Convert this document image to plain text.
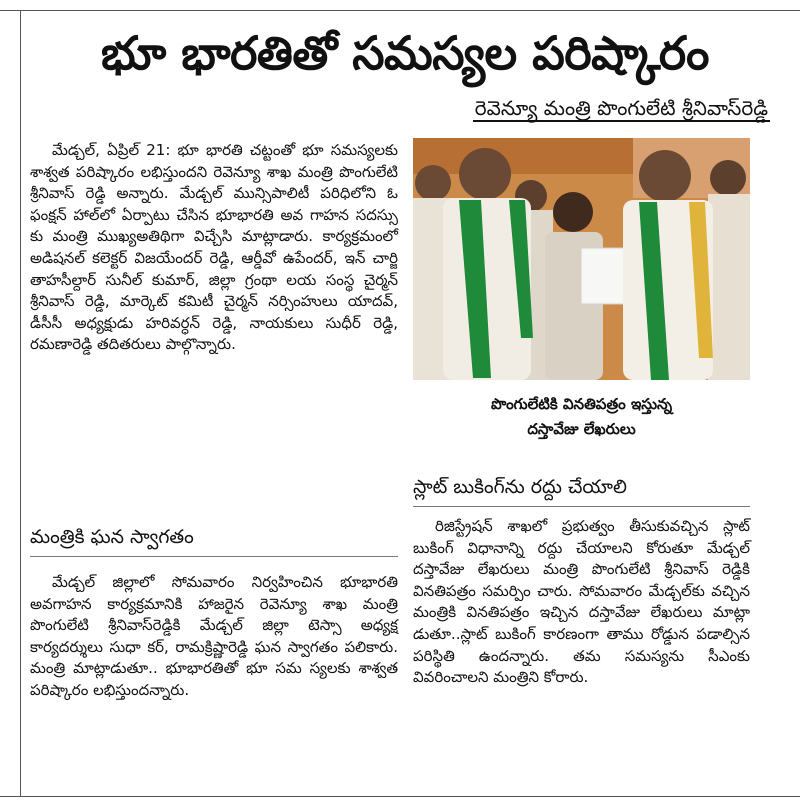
భూ భారతితో సమస్యల పరిష్కారం
రెవెన్యూ మంత్రి పొంగులేటి శ్రీనివాస్‌రెడ్డి

మేడ్చల్, ఏప్రిల్ 21: భూ భారతి చట్టంతో భూ సమస్యలకు శాశ్వత పరిష్కారం లభిస్తుందని రెవెన్యూ శాఖ మంత్రి పొంగులేటి శ్రీనివాస్ రెడ్డి అన్నారు. మేడ్చల్ మున్సిపాలిటీ పరిధిలోని ఓ ఫంక్షన్ హాల్‌లో ఏర్పాటు చేసిన భూభారతి అవ గాహన సదస్సు కు మంత్రి ముఖ్యఅతిథిగా విచ్చేసి మాట్లాడారు. కార్యక్రమంలో అడిషనల్ కలెక్టర్ విజయేందర్ రెడ్డి, ఆర్డీవో ఉపేందర్, ఇన్ చార్జి తాహసీల్దార్ సునీల్ కుమార్, జిల్లా గ్రంథా లయ సంస్థ చైర్మన్ శ్రీనివాస్ రెడ్డి, మార్కెట్ కమిటీ చైర్మన్ నర్సింహులు యాదవ్, డీసీసీ అధ్యక్షుడు హరివర్ధన్ రెడ్డి, నాయకులు సుధీర్ రెడ్డి, రమణారెడ్డి తదితరులు పాల్గొన్నారు.

మంత్రికి ఘన స్వాగతం

మేడ్చల్ జిల్లాలో సోమవారం నిర్వహించిన భూభారతి అవగాహన కార్యక్రమానికి హాజరైన రెవెన్యూ శాఖ మంత్రి పొంగులేటి శ్రీనివాస్‌రెడ్డికి మేడ్చల్ జిల్లా టెస్సా అధ్యక్ష కార్యదర్శులు సుధా కర్, రామక్రిష్ణారెడ్డి ఘన స్వాగతం పలికారు. మంత్రి మాట్లాడుతూ.. భూభారతితో భూ సమ స్యలకు శాశ్వత పరిష్కారం లభిస్తుందన్నారు.

పొంగులేటికి వినతిపత్రం ఇస్తున్న
దస్తావేజు లేఖరులు
స్లాట్ బుకింగ్‌ను రద్దు చేయాలి

రిజిస్ట్రేషన్ శాఖలో ప్రభుత్వం తీసుకువచ్చిన స్లాట్ బుకింగ్ విధానాన్ని రద్దు చేయాలని కోరుతూ మేడ్చల్ దస్తావేజు లేఖరులు మంత్రి పొంగులేటి శ్రీనివాస్ రెడ్డికి వినతిపత్రం సమర్పిం చారు. సోమవారం మేడ్చల్‌కు వచ్చిన మంత్రికి వినతిపత్రం ఇచ్చిన దస్తావేజు లేఖరులు మాట్లా డుతూ..స్లాట్ బుకింగ్ కారణంగా తాము రోడ్డున పడాల్సిన పరిస్థితి ఉందన్నారు. తమ సమస్యను సీఎంకు వివరించాలని మంత్రిని కోరారు.
